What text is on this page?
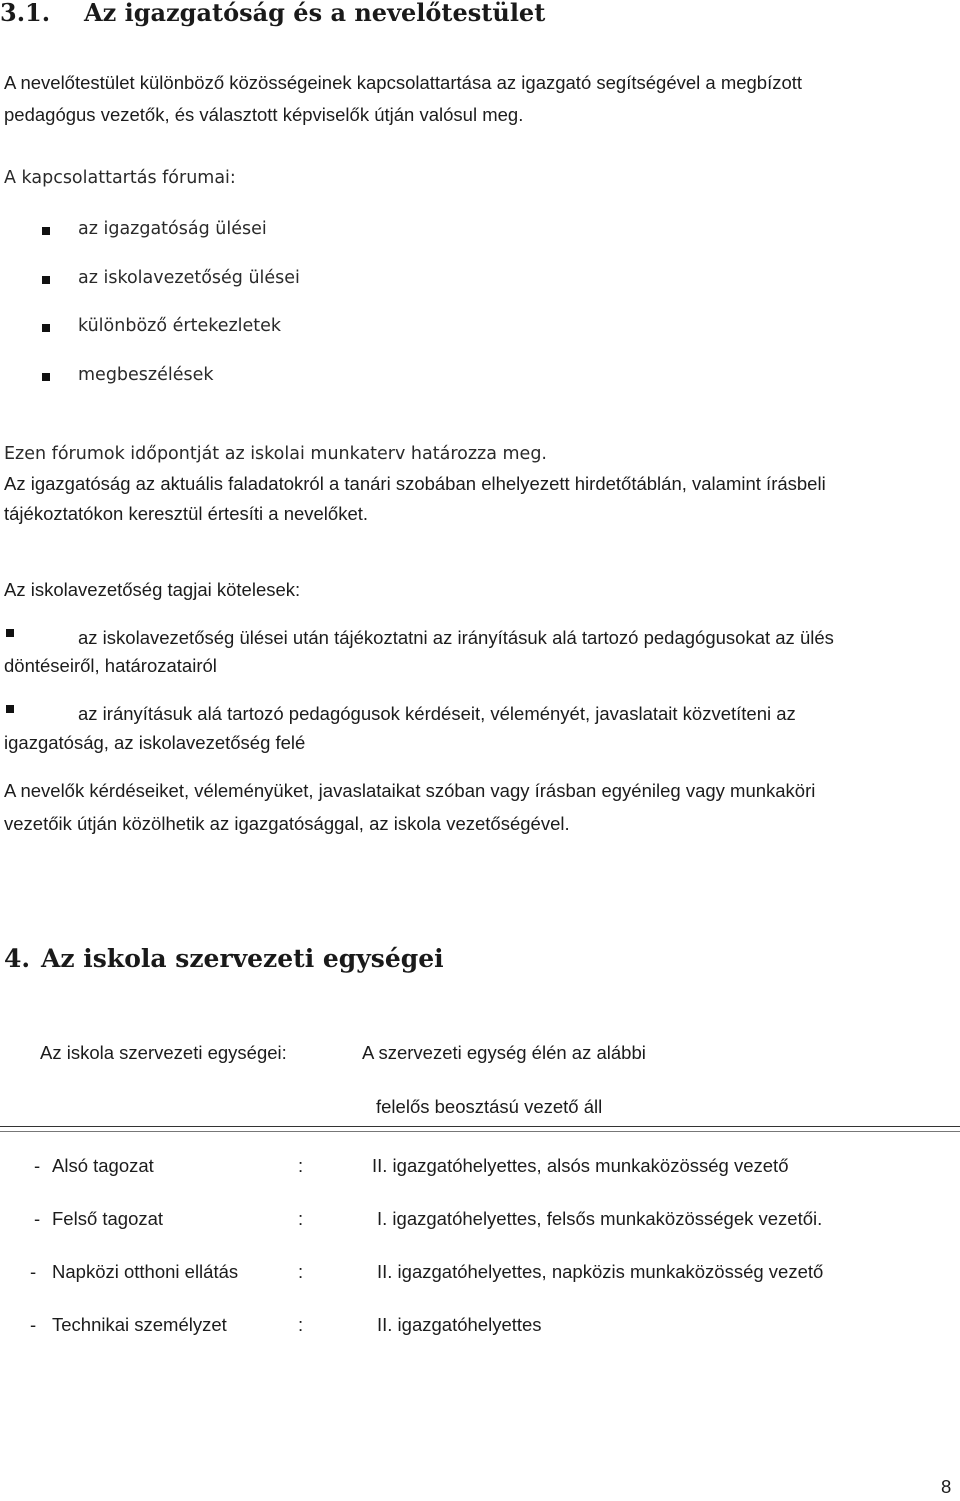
3.1. Az igazgatóság és a nevelőtestület
A nevelőtestület különböző közösségeinek kapcsolattartása az igazgató segítségével a megbízott
pedagógus vezetők, és választott képviselők útján valósul meg.
A kapcsolattartás fórumai:
az igazgatóság ülései
az iskolavezetőség ülései
különböző értekezletek
megbeszélések
Ezen fórumok időpontját az iskolai munkaterv határozza meg.
Az igazgatóság az aktuális faladatokról a tanári szobában elhelyezett hirdetőtáblán, valamint írásbeli
tájékoztatókon keresztül értesíti a nevelőket.
Az iskolavezetőség tagjai kötelesek:
az iskolavezetőség ülései után tájékoztatni az irányításuk alá tartozó pedagógusokat az ülés
döntéseiről, határozatairól
az irányításuk alá tartozó pedagógusok kérdéseit, véleményét, javaslatait közvetíteni az
igazgatóság, az iskolavezetőség felé
A nevelők kérdéseiket, véleményüket, javaslataikat szóban vagy írásban egyénileg vagy munkaköri
vezetőik útján közölhetik az igazgatósággal, az iskola vezetőségével.
4. Az iskola szervezeti egységei
Az iskola szervezeti egységei:	A szervezeti egység élén az alábbi
felelős beosztású vezető áll
- Alsó tagozat	:	II. igazgatóhelyettes, alsós munkaközösség vezető
- Felső tagozat	:	I. igazgatóhelyettes, felsős munkaközösségek vezetői.
- Napközi otthoni ellátás	:	II. igazgatóhelyettes, napközis munkaközösség vezető
- Technikai személyzet	:	II. igazgatóhelyettes
8
